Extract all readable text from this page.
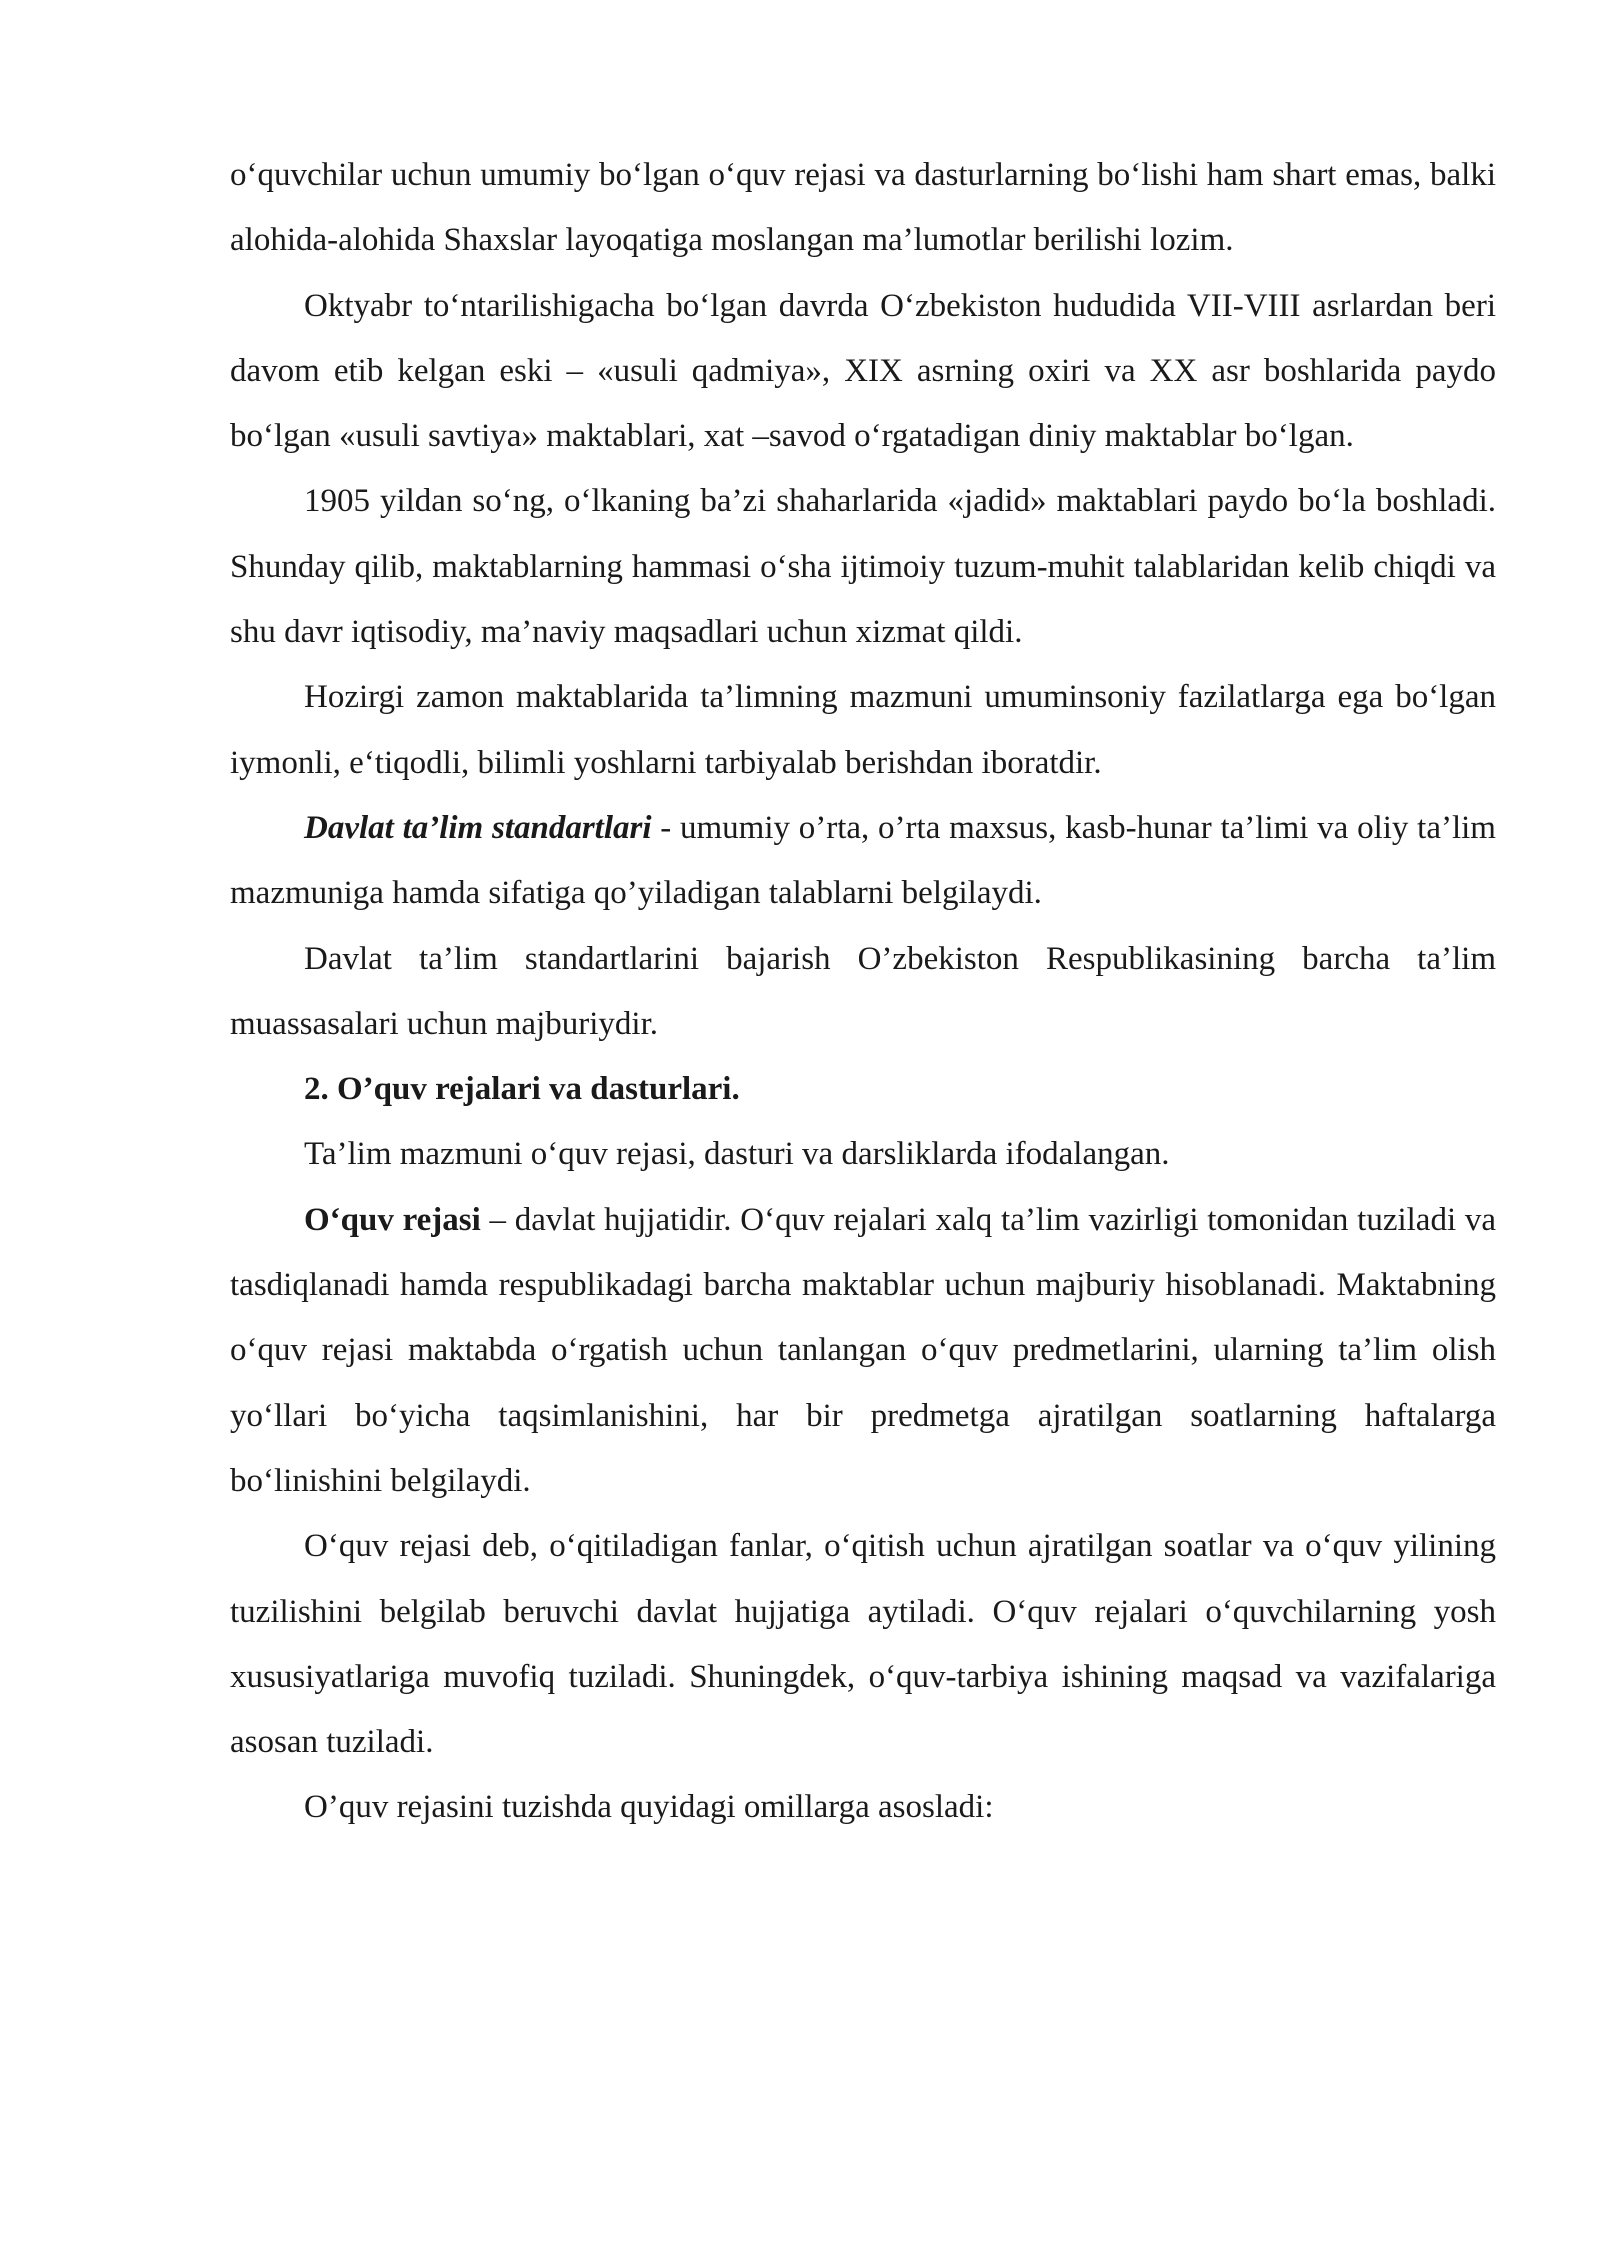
o‘quvchilar uchun umumiy bo‘lgan o‘quv rejasi va dasturlarning bo‘lishi ham shart emas, balki alohida-alohida Shaxslar layoqatiga moslangan ma’lumotlar berilishi lozim.

Oktyabr to‘ntarilishigacha bo‘lgan davrda O‘zbekiston hududida VII-VIII asrlardan beri davom etib kelgan eski – «usuli qadmiya», XIX asrning oxiri va XX asr boshlarida paydo bo‘lgan «usuli savtiya» maktablari, xat –savod o‘rgatadigan diniy maktablar bo‘lgan.

1905 yildan so‘ng, o‘lkaning ba’zi shaharlarida «jadid» maktablari paydo bo‘la boshladi. Shunday qilib, maktablarning hammasi o‘sha ijtimoiy tuzum-muhit talablaridan kelib chiqdi va shu davr iqtisodiy, ma’naviy maqsadlari uchun xizmat qildi.

Hozirgi zamon maktablarida ta’limning mazmuni umuminsoniy fazilatlarga ega bo‘lgan iymonli, e‘tiqodli, bilimli yoshlarni tarbiyalab berishdan iboratdir.

Davlat ta’lim standartlari - umumiy o’rta, o’rta maxsus, kasb-hunar ta’limi va oliy ta’lim mazmuniga hamda sifatiga qo’yiladigan talablarni belgilaydi.

Davlat ta’lim standartlarini bajarish O’zbekiston Respublikasining barcha ta’lim muassasalari uchun majburiydir.

2. O’quv rejalari va dasturlari.

Ta’lim mazmuni o‘quv rejasi, dasturi va darsliklarda ifodalangan.

O‘quv rejasi – davlat hujjatidir. O‘quv rejalari xalq ta’lim vazirligi tomonidan tuziladi va tasdiqlanadi hamda respublikadagi barcha maktablar uchun majburiy hisoblanadi. Maktabning o‘quv rejasi maktabda o‘rgatish uchun tanlangan o‘quv predmetlarini, ularning ta’lim olish yo‘llari bo‘yicha taqsimlanishini, har bir predmetga ajratilgan soatlarning haftalarga bo‘linishini belgilaydi.

O‘quv rejasi deb, o‘qitiladigan fanlar, o‘qitish uchun ajratilgan soatlar va o‘quv yilining tuzilishini belgilab beruvchi davlat hujjatiga aytiladi. O‘quv rejalari o‘quvchilarning yosh xususiyatlariga muvofiq tuziladi. Shuningdek, o‘quv-tarbiya ishining maqsad va vazifalariga asosan tuziladi.

O’quv rejasini tuzishda quyidagi omillarga asosladi:
